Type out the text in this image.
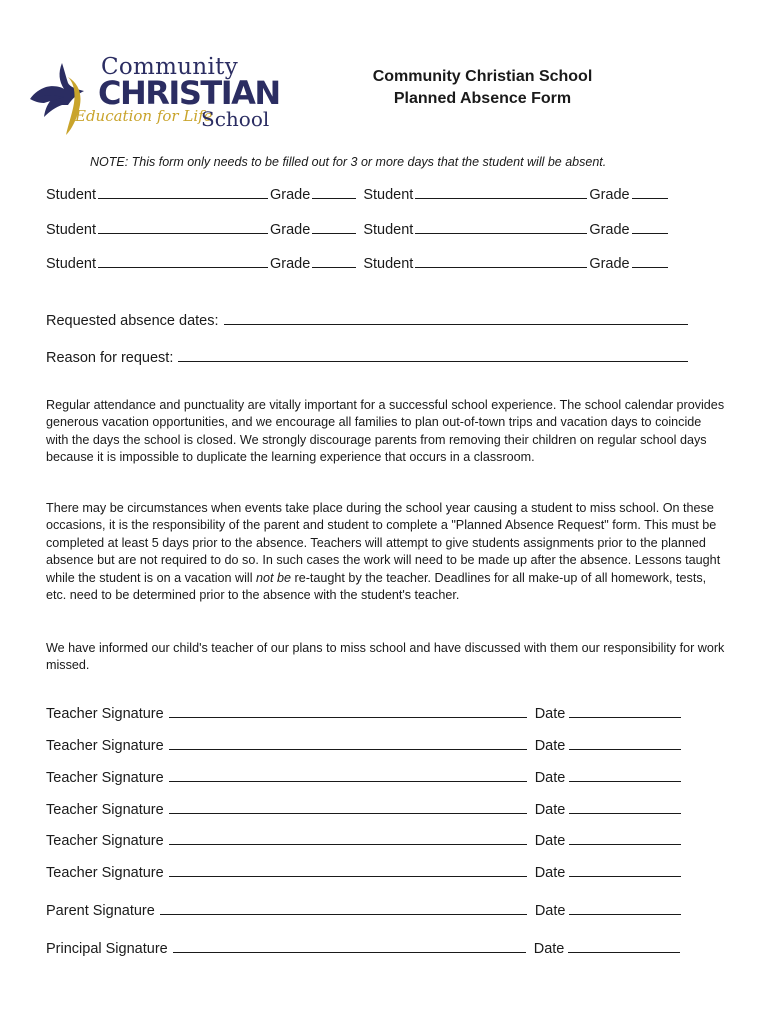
Community
CHRISTIAN
Education for Life
School
Community Christian School
Planned Absence Form
NOTE: This form only needs to be filled out for 3 or more days that the student will be absent.
Student	Grade	Student	Grade
Student	Grade	Student	Grade
Student	Grade	Student	Grade
Requested absence dates:
Reason for request:
Regular attendance and punctuality are vitally important for a successful school experience. The school calendar provides generous vacation opportunities, and we encourage all families to plan out-of-town trips and vacation days to coincide with the days the school is closed. We strongly discourage parents from removing their children on regular school days because it is impossible to duplicate the learning experience that occurs in a classroom.
There may be circumstances when events take place during the school year causing a student to miss school. On these occasions, it is the responsibility of the parent and student to complete a "Planned Absence Request" form. This must be completed at least 5 days prior to the absence. Teachers will attempt to give students assignments prior to the planned absence but are not required to do so. In such cases the work will need to be made up after the absence. Lessons taught while the student is on a vacation will not be re-taught by the teacher. Deadlines for all make-up of all homework, tests, etc. need to be determined prior to the absence with the student's teacher.
We have informed our child's teacher of our plans to miss school and have discussed with them our responsibility for work missed.
Teacher Signature	Date
Teacher Signature	Date
Teacher Signature	Date
Teacher Signature	Date
Teacher Signature	Date
Teacher Signature	Date
Parent Signature	Date
Principal Signature	Date
